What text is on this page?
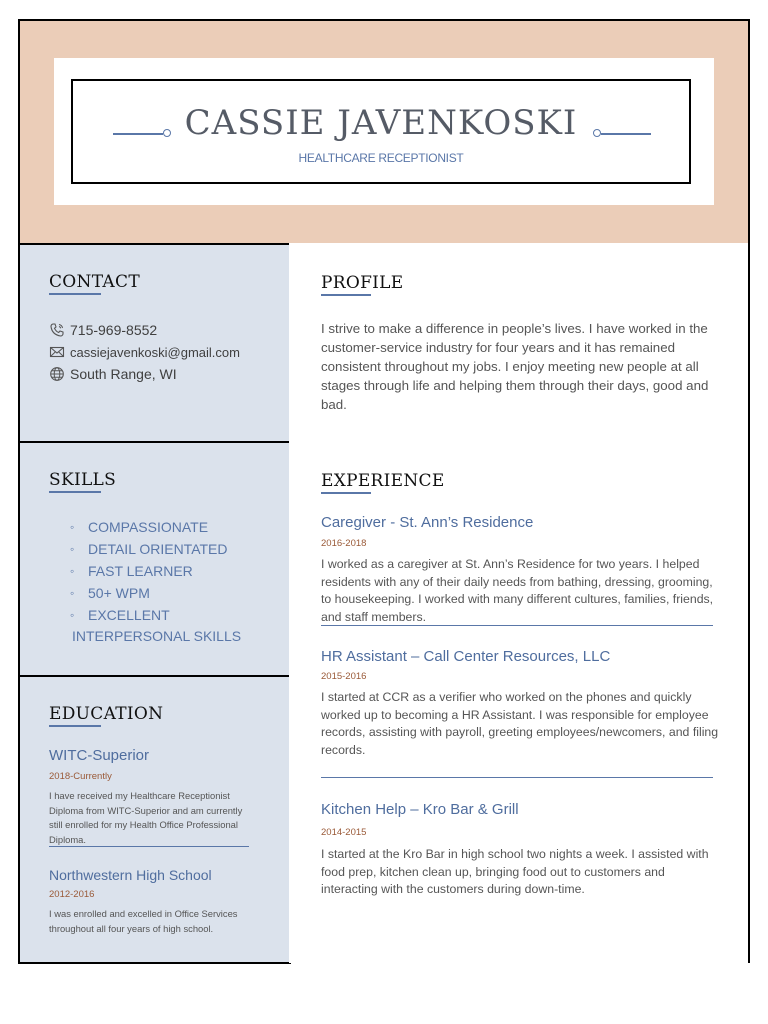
CASSIE JAVENKOSKI
HEALTHCARE RECEPTIONIST
CONTACT
715-969-8552
cassiejavenkoski@gmail.com
South Range, WI
PROFILE
I strive to make a difference in people’s lives. I have worked in the customer-service industry for four years and it has remained consistent throughout my jobs. I enjoy meeting new people at all stages through life and helping them through their days, good and bad.
SKILLS
◦ COMPASSIONATE
◦ DETAIL ORIENTATED
◦ FAST LEARNER
◦ 50+ WPM
◦ EXCELLENT
INTERPERSONAL SKILLS
EDUCATION
WITC-Superior
2018-Currently
I have received my Healthcare Receptionist Diploma from WITC-Superior and am currently still enrolled for my Health Office Professional Diploma.
Northwestern High School
2012-2016
I was enrolled and excelled in Office Services throughout all four years of high school.
EXPERIENCE
Caregiver - St. Ann’s Residence
2016-2018
I worked as a caregiver at St. Ann’s Residence for two years. I helped residents with any of their daily needs from bathing, dressing, grooming, to housekeeping. I worked with many different cultures, families, friends, and staff members.
HR Assistant – Call Center Resources, LLC
2015-2016
I started at CCR as a verifier who worked on the phones and quickly worked up to becoming a HR Assistant. I was responsible for employee records, assisting with payroll, greeting employees/newcomers, and filing records.
Kitchen Help – Kro Bar & Grill
2014-2015
I started at the Kro Bar in high school two nights a week. I assisted with food prep, kitchen clean up, bringing food out to customers and interacting with the customers during down-time.
